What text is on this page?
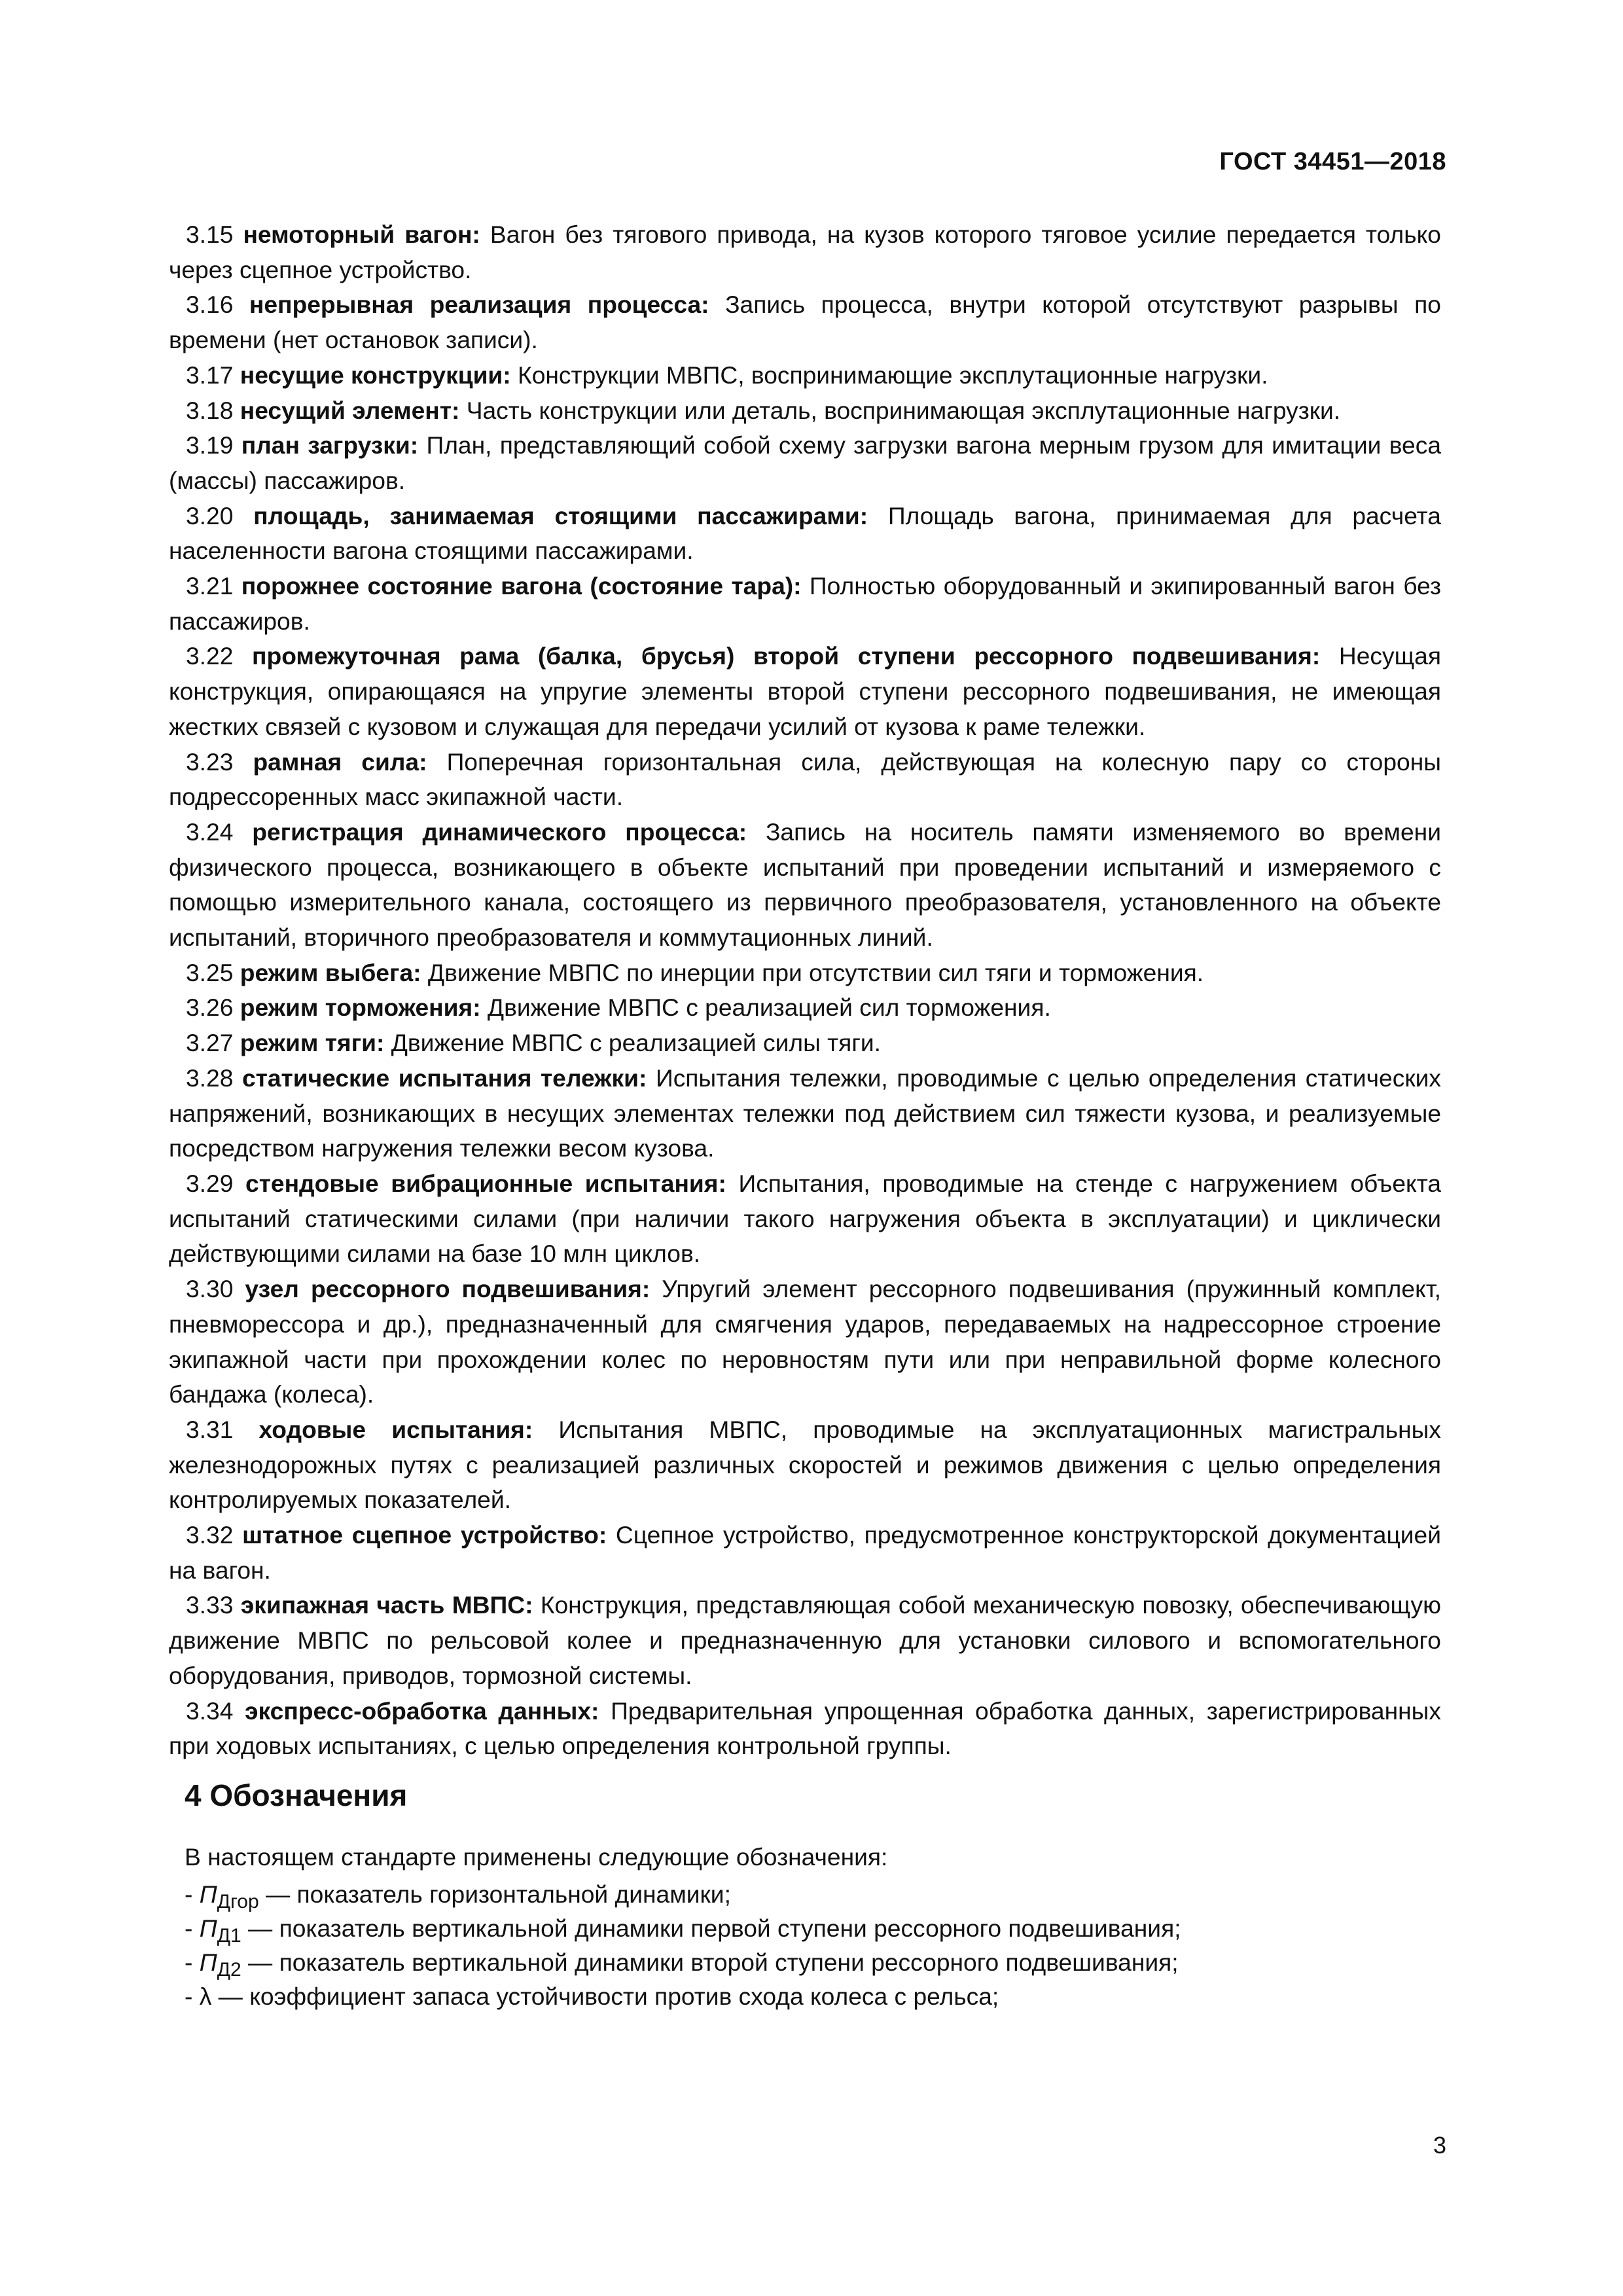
ГОСТ 34451—2018

3.15 немоторный вагон: Вагон без тягового привода, на кузов которого тяговое усилие передается только через сцепное устройство.

3.16 непрерывная реализация процесса: Запись процесса, внутри которой отсутствуют разрывы по времени (нет остановок записи).

3.17 несущие конструкции: Конструкции МВПС, воспринимающие эксплутационные нагрузки.

3.18 несущий элемент: Часть конструкции или деталь, воспринимающая эксплутационные нагрузки.

3.19 план загрузки: План, представляющий собой схему загрузки вагона мерным грузом для имитации веса (массы) пассажиров.

3.20 площадь, занимаемая стоящими пассажирами: Площадь вагона, принимаемая для расчета населенности вагона стоящими пассажирами.

3.21 порожнее состояние вагона (состояние тара): Полностью оборудованный и экипированный вагон без пассажиров.

3.22 промежуточная рама (балка, брусья) второй ступени рессорного подвешивания: Несущая конструкция, опирающаяся на упругие элементы второй ступени рессорного подвешивания, не имеющая жестких связей с кузовом и служащая для передачи усилий от кузова к раме тележки.

3.23 рамная сила: Поперечная горизонтальная сила, действующая на колесную пару со стороны подрессоренных масс экипажной части.

3.24 регистрация динамического процесса: Запись на носитель памяти изменяемого во времени физического процесса, возникающего в объекте испытаний при проведении испытаний и измеряемого с помощью измерительного канала, состоящего из первичного преобразователя, установленного на объекте испытаний, вторичного преобразователя и коммутационных линий.

3.25 режим выбега: Движение МВПС по инерции при отсутствии сил тяги и торможения.

3.26 режим торможения: Движение МВПС с реализацией сил торможения.

3.27 режим тяги: Движение МВПС с реализацией силы тяги.

3.28 статические испытания тележки: Испытания тележки, проводимые с целью определения статических напряжений, возникающих в несущих элементах тележки под действием сил тяжести кузова, и реализуемые посредством нагружения тележки весом кузова.

3.29 стендовые вибрационные испытания: Испытания, проводимые на стенде с нагружением объекта испытаний статическими силами (при наличии такого нагружения объекта в эксплуатации) и циклически действующими силами на базе 10 млн циклов.

3.30 узел рессорного подвешивания: Упругий элемент рессорного подвешивания (пружинный комплект, пневморессора и др.), предназначенный для смягчения ударов, передаваемых на надрессорное строение экипажной части при прохождении колес по неровностям пути или при неправильной форме колесного бандажа (колеса).

3.31 ходовые испытания: Испытания МВПС, проводимые на эксплуатационных магистральных железнодорожных путях с реализацией различных скоростей и режимов движения с целью определения контролируемых показателей.

3.32 штатное сцепное устройство: Сцепное устройство, предусмотренное конструкторской документацией на вагон.

3.33 экипажная часть МВПС: Конструкция, представляющая собой механическую повозку, обеспечивающую движение МВПС по рельсовой колее и предназначенную для установки силового и вспомогательного оборудования, приводов, тормозной системы.

3.34 экспресс-обработка данных: Предварительная упрощенная обработка данных, зарегистрированных при ходовых испытаниях, с целью определения контрольной группы.

4 Обозначения
В настоящем стандарте применены следующие обозначения:
- $П_{Дгор}$ — показатель горизонтальной динамики;
- $П_{Д1}$ — показатель вертикальной динамики первой ступени рессорного подвешивания;
- $П_{Д2}$ — показатель вертикальной динамики второй ступени рессорного подвешивания;
- λ — коэффициент запаса устойчивости против схода колеса с рельса;
3
